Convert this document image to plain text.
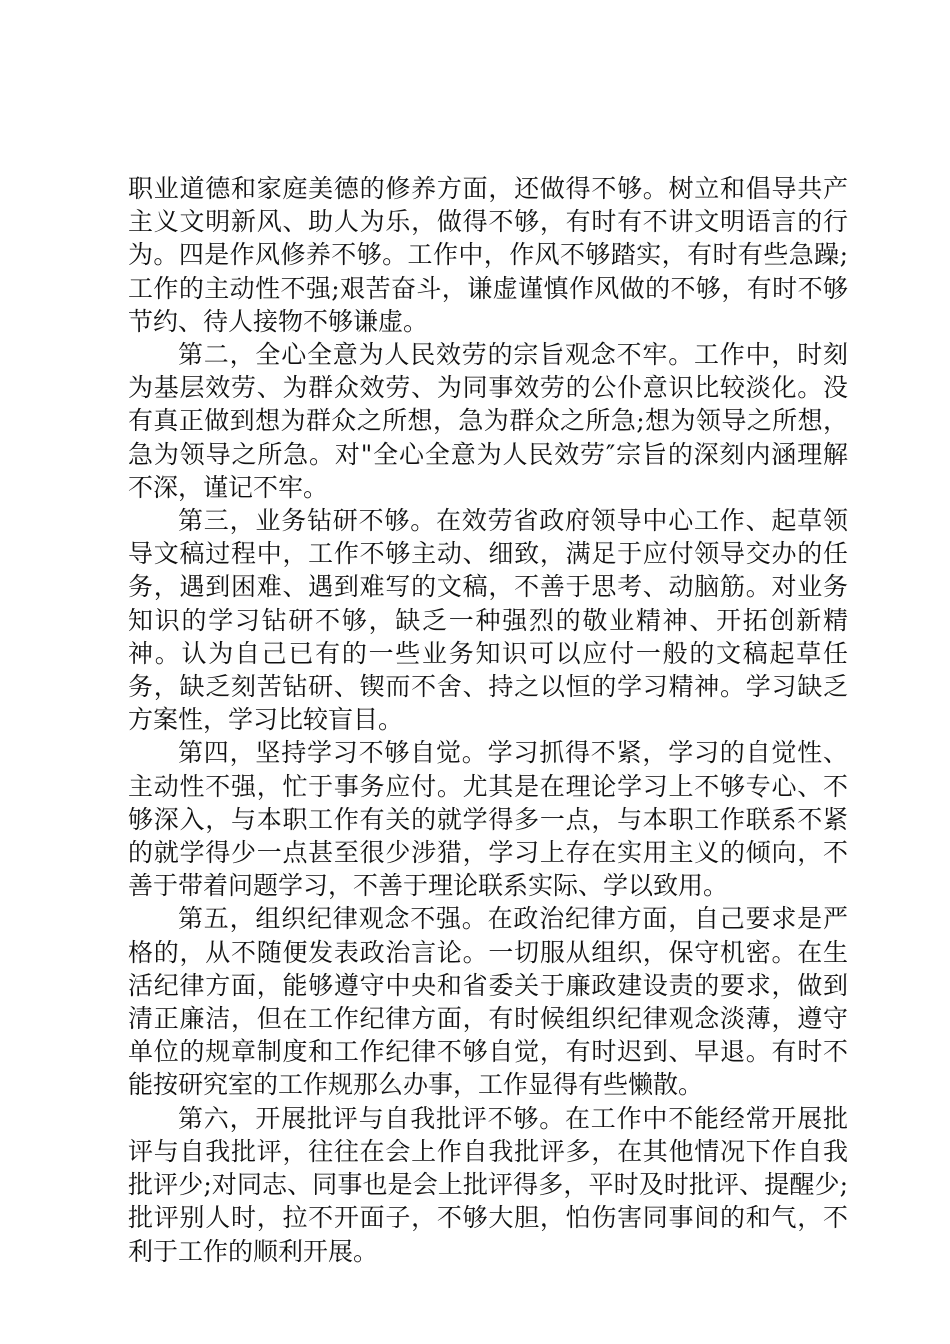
职业道德和家庭美德的修养方面，还做得不够。树立和倡导共产主义文明新风、助人为乐，做得不够，有时有不讲文明语言的行为。四是作风修养不够。工作中，作风不够踏实，有时有些急躁;工作的主动性不强;艰苦奋斗，谦虚谨慎作风做的不够，有时不够节约、待人接物不够谦虚。

第二，全心全意为人民效劳的宗旨观念不牢。工作中，时刻为基层效劳、为群众效劳、为同事效劳的公仆意识比较淡化。没有真正做到想为群众之所想，急为群众之所急;想为领导之所想，急为领导之所急。对"全心全意为人民效劳″宗旨的深刻内涵理解不深，谨记不牢。

第三，业务钻研不够。在效劳省政府领导中心工作、起草领导文稿过程中，工作不够主动、细致，满足于应付领导交办的任务，遇到困难、遇到难写的文稿，不善于思考、动脑筋。对业务知识的学习钻研不够，缺乏一种强烈的敬业精神、开拓创新精神。认为自己已有的一些业务知识可以应付一般的文稿起草任务，缺乏刻苦钻研、锲而不舍、持之以恒的学习精神。学习缺乏方案性，学习比较盲目。

第四，坚持学习不够自觉。学习抓得不紧，学习的自觉性、主动性不强，忙于事务应付。尤其是在理论学习上不够专心、不够深入，与本职工作有关的就学得多一点，与本职工作联系不紧的就学得少一点甚至很少涉猎，学习上存在实用主义的倾向，不善于带着问题学习，不善于理论联系实际、学以致用。

第五，组织纪律观念不强。在政治纪律方面，自己要求是严格的，从不随便发表政治言论。一切服从组织，保守机密。在生活纪律方面，能够遵守中央和省委关于廉政建设责的要求，做到清正廉洁，但在工作纪律方面，有时候组织纪律观念淡薄，遵守单位的规章制度和工作纪律不够自觉，有时迟到、早退。有时不能按研究室的工作规那么办事，工作显得有些懒散。

第六，开展批评与自我批评不够。在工作中不能经常开展批评与自我批评，往往在会上作自我批评多，在其他情况下作自我批评少;对同志、同事也是会上批评得多，平时及时批评、提醒少;批评别人时，拉不开面子，不够大胆，怕伤害同事间的和气，不利于工作的顺利开展。
